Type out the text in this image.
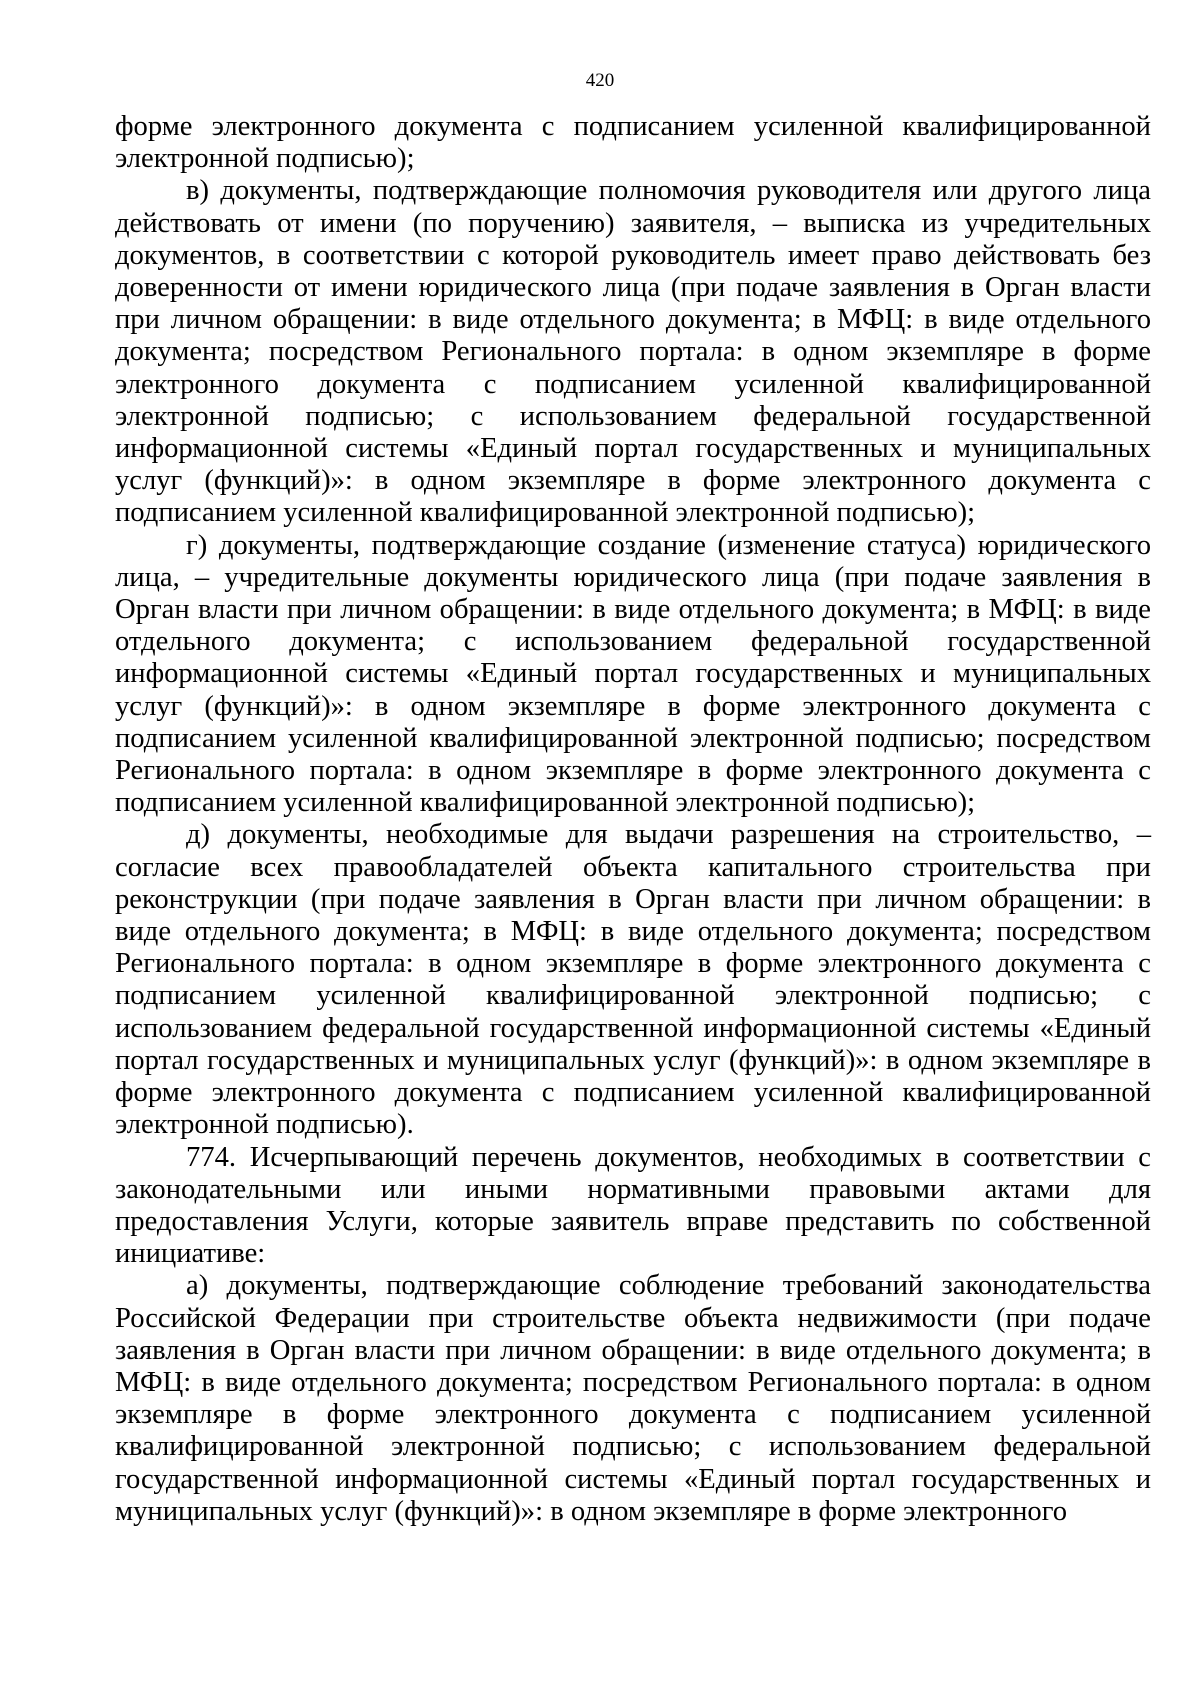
420

форме электронного документа с подписанием усиленной квалифицированной электронной подписью);

в) документы, подтверждающие полномочия руководителя или другого лица действовать от имени (по поручению) заявителя, – выписка из учредительных документов, в соответствии с которой руководитель имеет право действовать без доверенности от имени юридического лица (при подаче заявления в Орган власти при личном обращении: в виде отдельного документа; в МФЦ: в виде отдельного документа; посредством Регионального портала: в одном экземпляре в форме электронного документа с подписанием усиленной квалифицированной электронной подписью; с использованием федеральной государственной информационной системы «Единый портал государственных и муниципальных услуг (функций)»: в одном экземпляре в форме электронного документа с подписанием усиленной квалифицированной электронной подписью);

г) документы, подтверждающие создание (изменение статуса) юридического лица, – учредительные документы юридического лица (при подаче заявления в Орган власти при личном обращении: в виде отдельного документа; в МФЦ: в виде отдельного документа; с использованием федеральной государственной информационной системы «Единый портал государственных и муниципальных услуг (функций)»: в одном экземпляре в форме электронного документа с подписанием усиленной квалифицированной электронной подписью; посредством Регионального портала: в одном экземпляре в форме электронного документа с подписанием усиленной квалифицированной электронной подписью);

д) документы, необходимые для выдачи разрешения на строительство, – согласие всех правообладателей объекта капитального строительства при реконструкции (при подаче заявления в Орган власти при личном обращении: в виде отдельного документа; в МФЦ: в виде отдельного документа; посредством Регионального портала: в одном экземпляре в форме электронного документа с подписанием усиленной квалифицированной электронной подписью; с использованием федеральной государственной информационной системы «Единый портал государственных и муниципальных услуг (функций)»: в одном экземпляре в форме электронного документа с подписанием усиленной квалифицированной электронной подписью).

774. Исчерпывающий перечень документов, необходимых в соответствии с законодательными или иными нормативными правовыми актами для предоставления Услуги, которые заявитель вправе представить по собственной инициативе:

а) документы, подтверждающие соблюдение требований законодательства Российской Федерации при строительстве объекта недвижимости (при подаче заявления в Орган власти при личном обращении: в виде отдельного документа; в МФЦ: в виде отдельного документа; посредством Регионального портала: в одном экземпляре в форме электронного документа с подписанием усиленной квалифицированной электронной подписью; с использованием федеральной государственной информационной системы «Единый портал государственных и муниципальных услуг (функций)»: в одном экземпляре в форме электронного
